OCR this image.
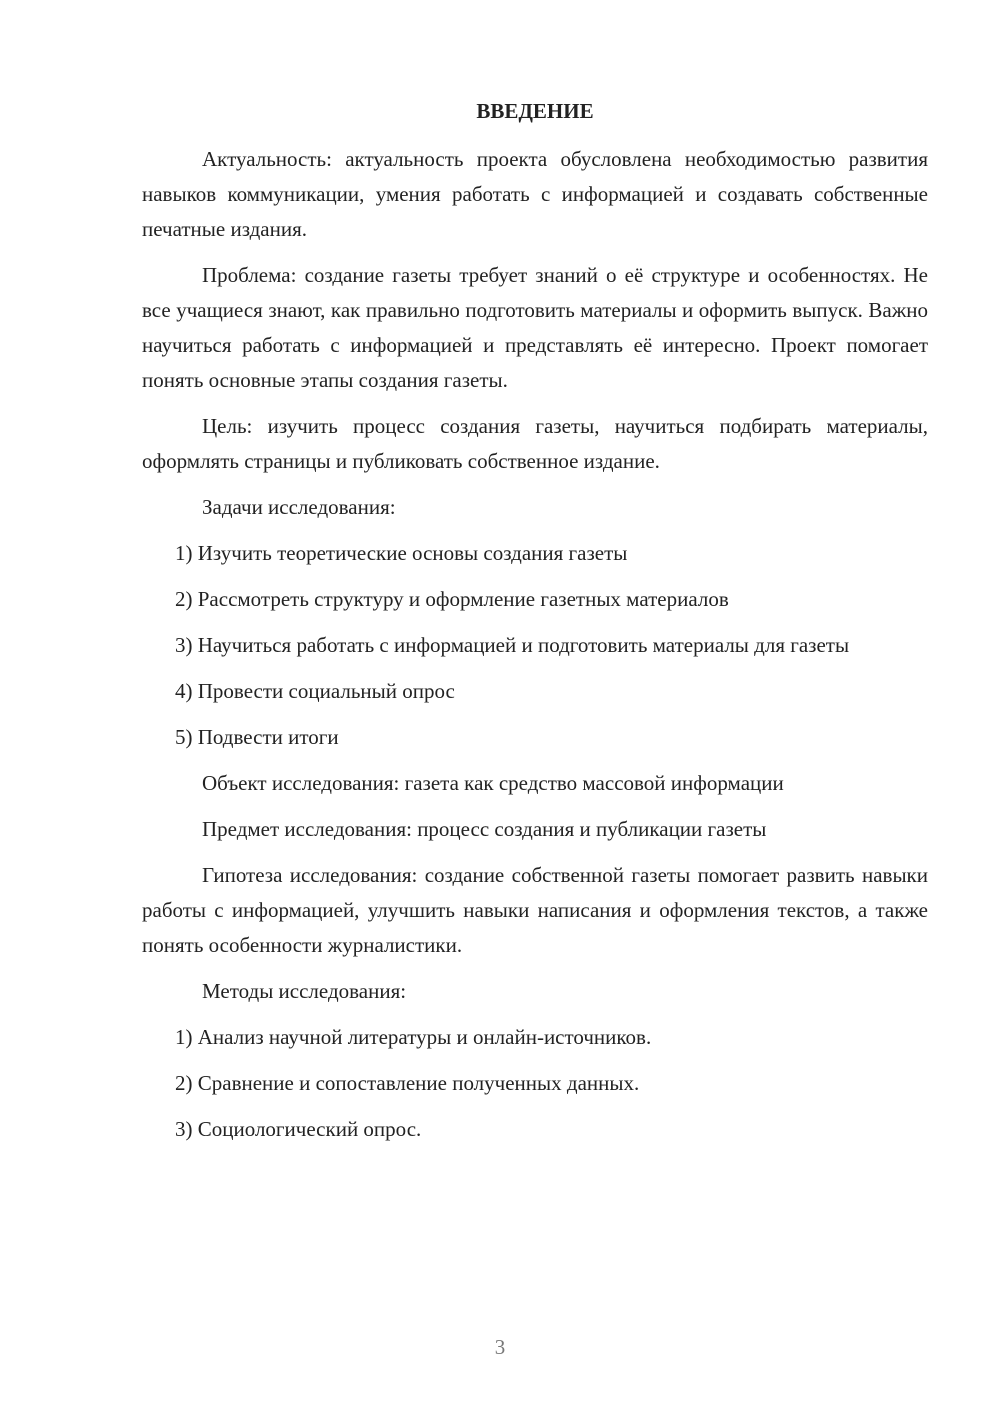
ВВЕДЕНИЕ

Актуальность: актуальность проекта обусловлена необходимостью развития навыков коммуникации, умения работать с информацией и создавать собственные печатные издания.

Проблема: создание газеты требует знаний о её структуре и особенностях. Не все учащиеся знают, как правильно подготовить материалы и оформить выпуск. Важно научиться работать с информацией и представлять её интересно. Проект помогает понять основные этапы создания газеты.

Цель: изучить процесс создания газеты, научиться подбирать материалы, оформлять страницы и публиковать собственное издание.

Задачи исследования:

1) Изучить теоретические основы создания газеты

2) Рассмотреть структуру и оформление газетных материалов

3) Научиться работать с информацией и подготовить материалы для газеты

4) Провести социальный опрос

5) Подвести итоги

Объект исследования: газета как средство массовой информации

Предмет исследования: процесс создания и публикации газеты

Гипотеза исследования: создание собственной газеты помогает развить навыки работы с информацией, улучшить навыки написания и оформления текстов, а также понять особенности журналистики.

Методы исследования:

1) Анализ научной литературы и онлайн-источников.

2) Сравнение и сопоставление полученных данных.

3) Социологический опрос.

3
